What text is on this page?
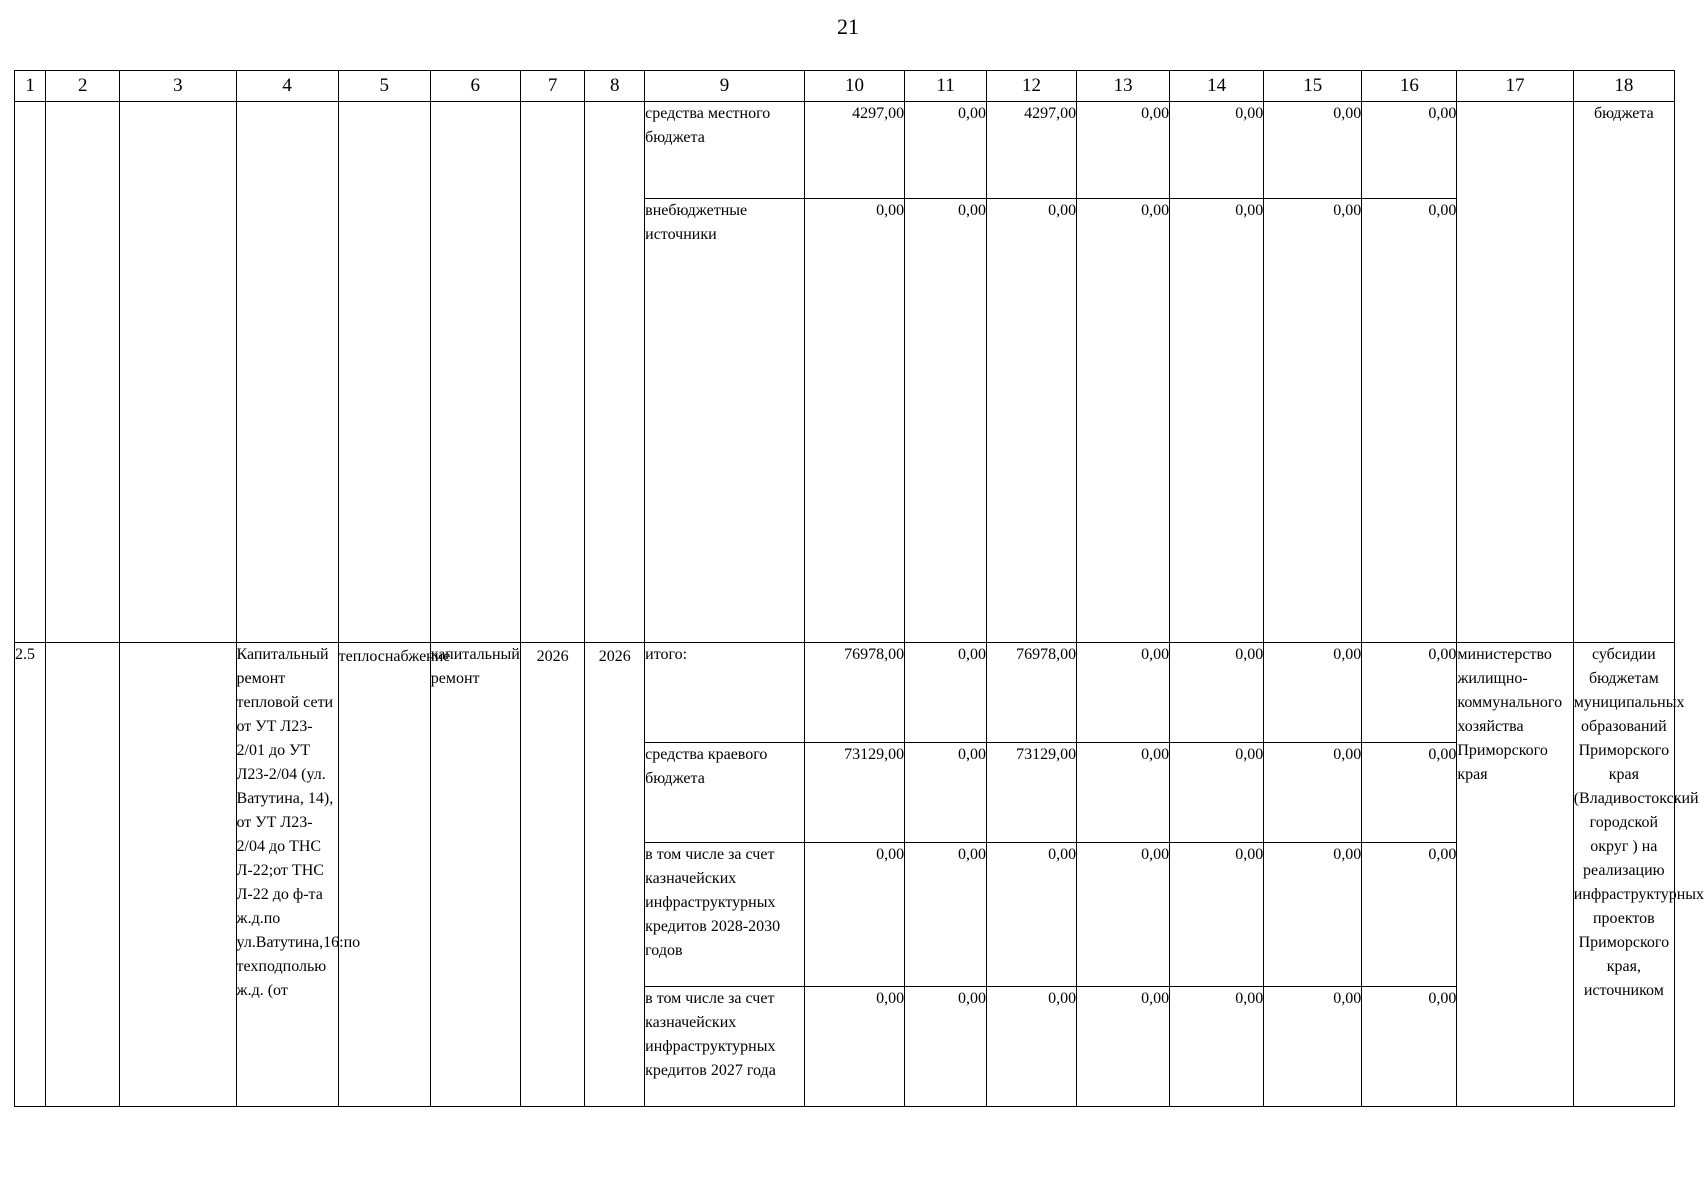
21
1	2	3	4	5	6	7	8	9	10	11	12	13	14	15	16	17	18
								средства местного бюджета	4297,00	0,00	4297,00	0,00	0,00	0,00	0,00		бюджета
								внебюджетные источники	0,00	0,00	0,00	0,00	0,00	0,00	0,00		
2.5			Капитальный ремонт тепловой сети от УТ Л23-2/01 до УТ Л23-2/04 (ул. Ватутина, 14), от УТ Л23-2/04 до ТНС Л-22;от ТНС Л-22 до ф-та ж.д.по ул.Ватутина,16:по техподполью ж.д. (от	теплоснабжение	капитальный ремонт	2026	2026	итого:	76978,00	0,00	76978,00	0,00	0,00	0,00	0,00	министерство жилищно-коммунального хозяйства Приморского края	субсидии бюджетам муниципальных образований Приморского края (Владивостокский городской округ ) на реализацию инфраструктурных проектов Приморского края, источником
								средства краевого бюджета	73129,00	0,00	73129,00	0,00	0,00	0,00	0,00		
								в том числе за счет казначейских инфраструктурных кредитов 2028-2030 годов	0,00	0,00	0,00	0,00	0,00	0,00	0,00		
								в том числе за счет казначейских инфраструктурных кредитов 2027 года	0,00	0,00	0,00	0,00	0,00	0,00	0,00		
